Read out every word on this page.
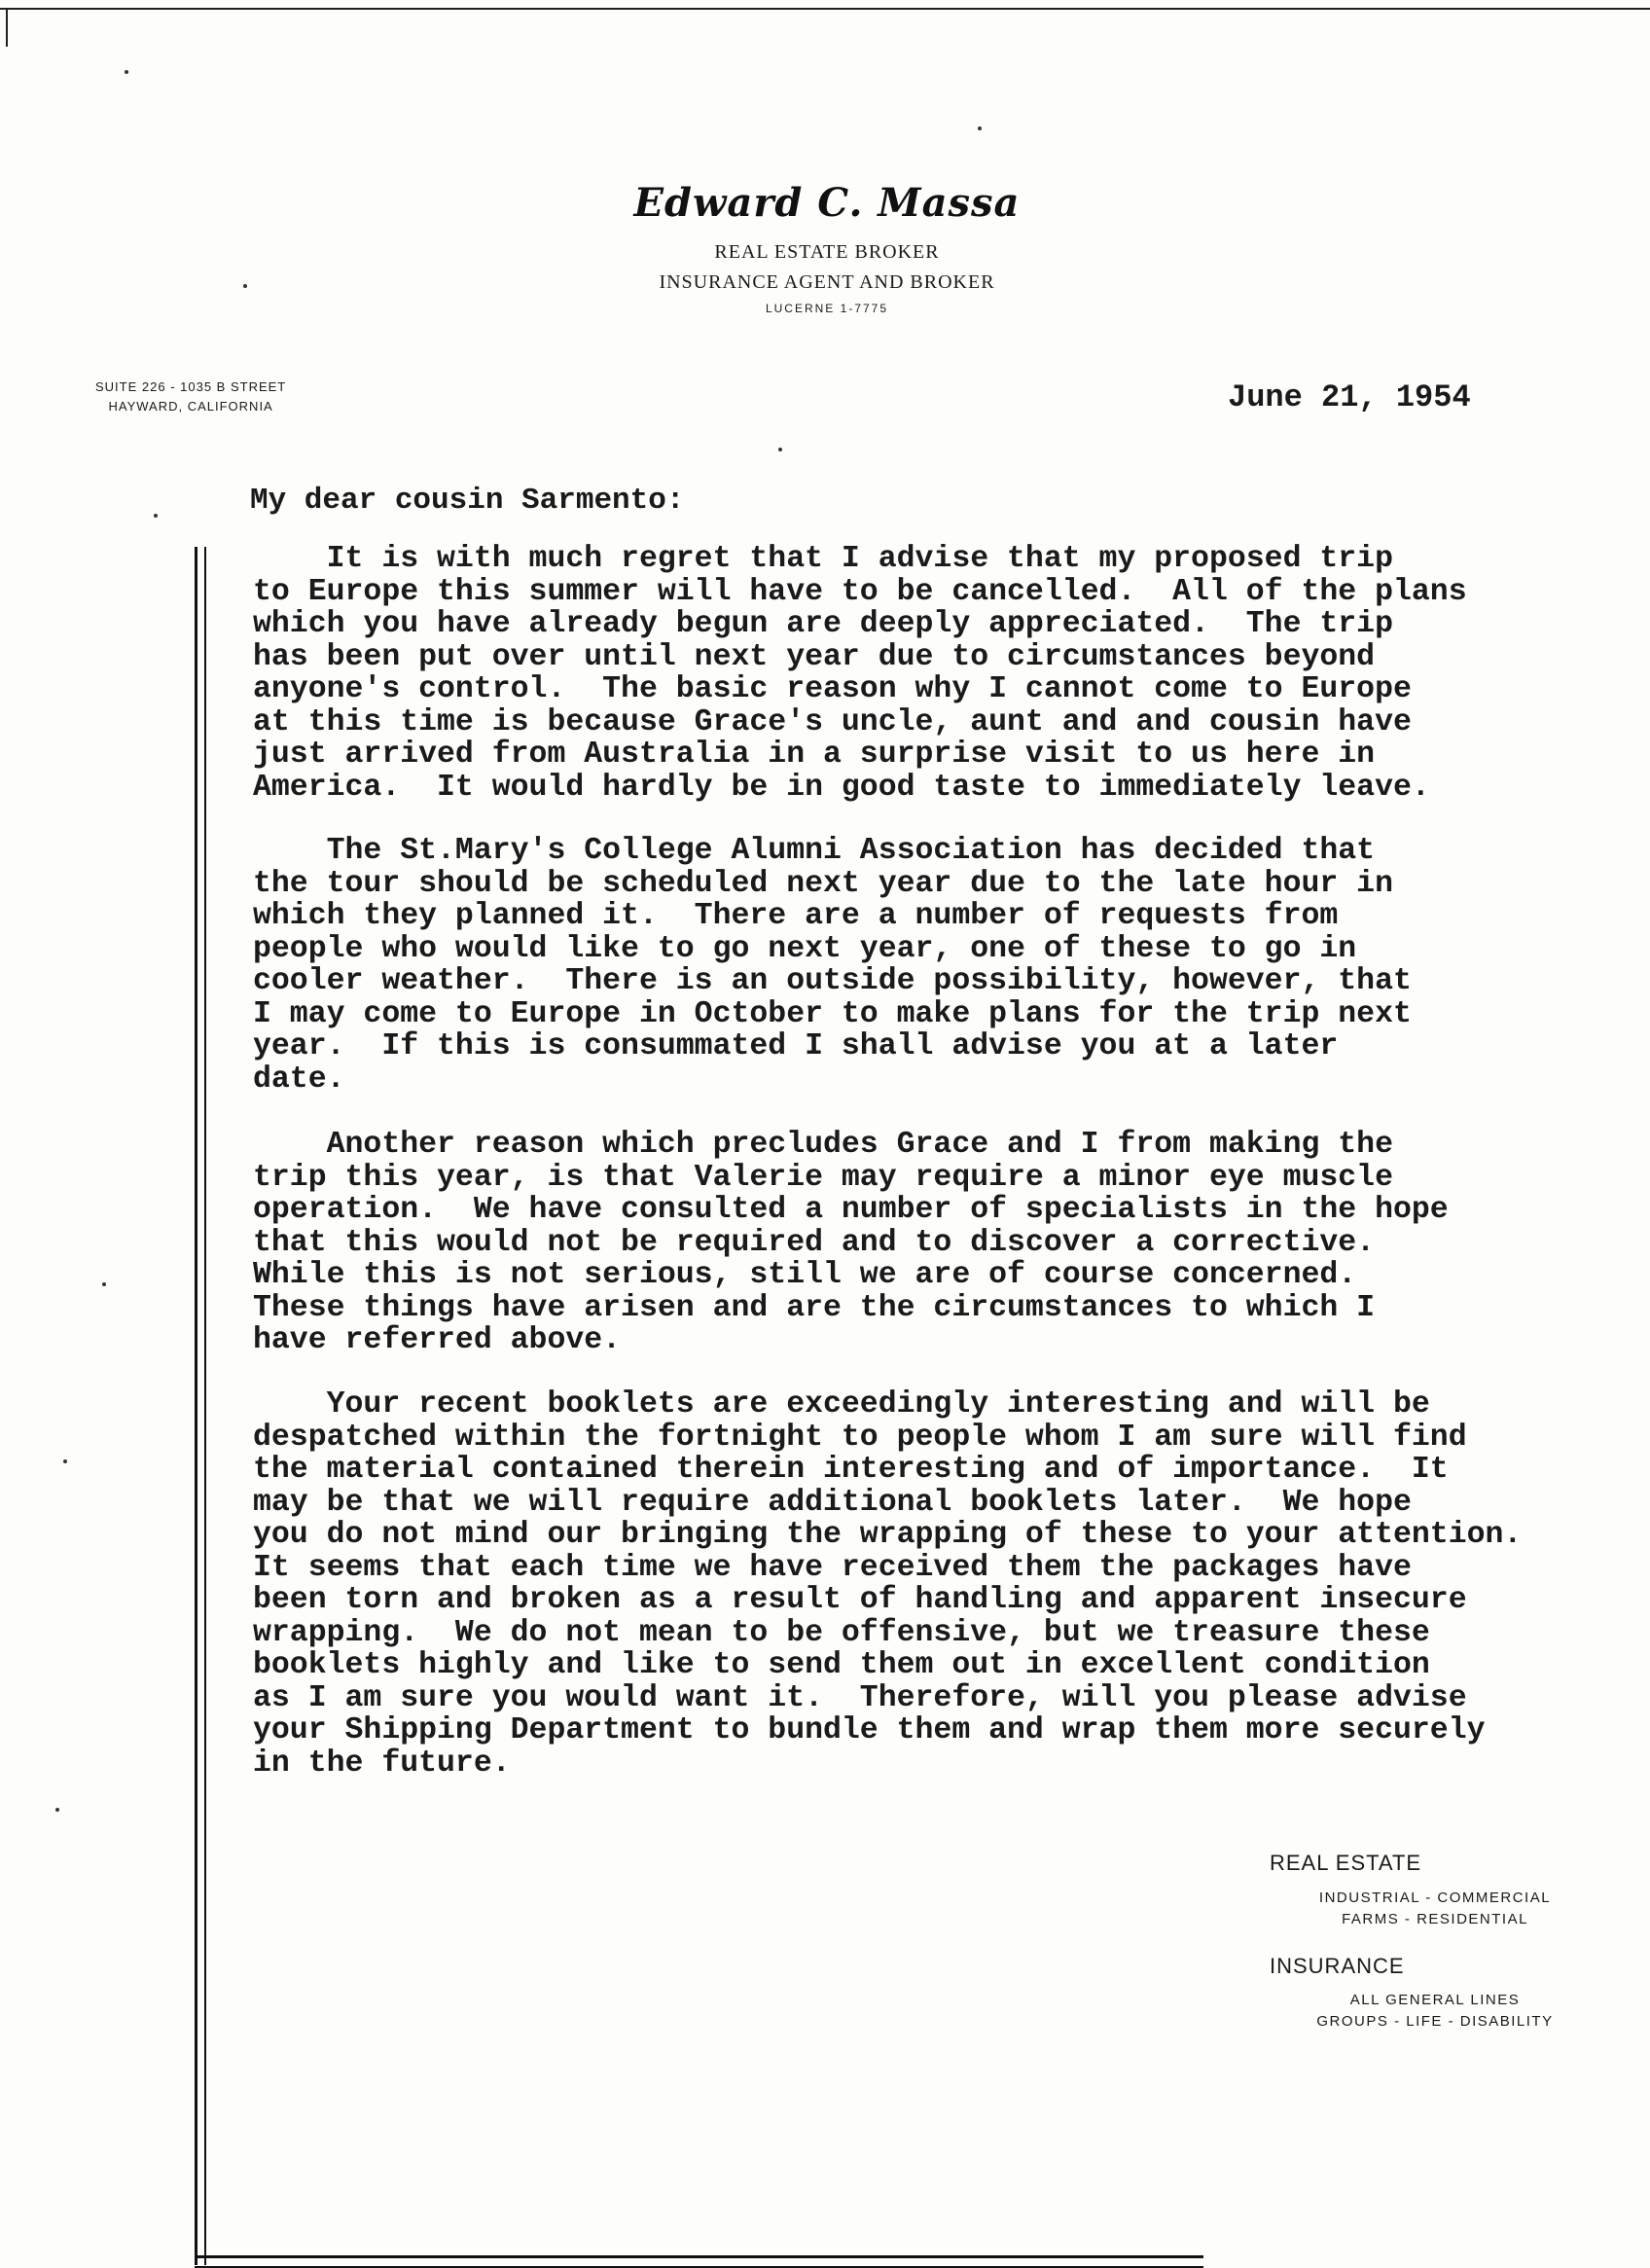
Edward C. Massa
REAL ESTATE BROKER
INSURANCE AGENT AND BROKER
LUCERNE 1-7775
SUITE 226 - 1035 B STREET
HAYWARD, CALIFORNIA	June 21, 1954
My dear cousin Sarmento:
It is with much regret that I advise that my proposed trip
to Europe this summer will have to be cancelled.  All of the plans
which you have already begun are deeply appreciated.  The trip
has been put over until next year due to circumstances beyond
anyone's control.  The basic reason why I cannot come to Europe
at this time is because Grace's uncle, aunt and and cousin have
just arrived from Australia in a surprise visit to us here in
America.  It would hardly be in good taste to immediately leave.
The St.Mary's College Alumni Association has decided that
the tour should be scheduled next year due to the late hour in
which they planned it.  There are a number of requests from
people who would like to go next year, one of these to go in
cooler weather.  There is an outside possibility, however, that
I may come to Europe in October to make plans for the trip next
year.  If this is consummated I shall advise you at a later
date.
Another reason which precludes Grace and I from making the
trip this year, is that Valerie may require a minor eye muscle
operation.  We have consulted a number of specialists in the hope
that this would not be required and to discover a corrective.
While this is not serious, still we are of course concerned.
These things have arisen and are the circumstances to which I
have referred above.
Your recent booklets are exceedingly interesting and will be
despatched within the fortnight to people whom I am sure will find
the material contained therein interesting and of importance.  It
may be that we will require additional booklets later.  We hope
you do not mind our bringing the wrapping of these to your attention.
It seems that each time we have received them the packages have
been torn and broken as a result of handling and apparent insecure
wrapping.  We do not mean to be offensive, but we treasure these
booklets highly and like to send them out in excellent condition
as I am sure you would want it.  Therefore, will you please advise
your Shipping Department to bundle them and wrap them more securely
in the future.
REAL ESTATE
INDUSTRIAL - COMMERCIAL
FARMS - RESIDENTIAL
INSURANCE
ALL GENERAL LINES
GROUPS - LIFE - DISABILITY
